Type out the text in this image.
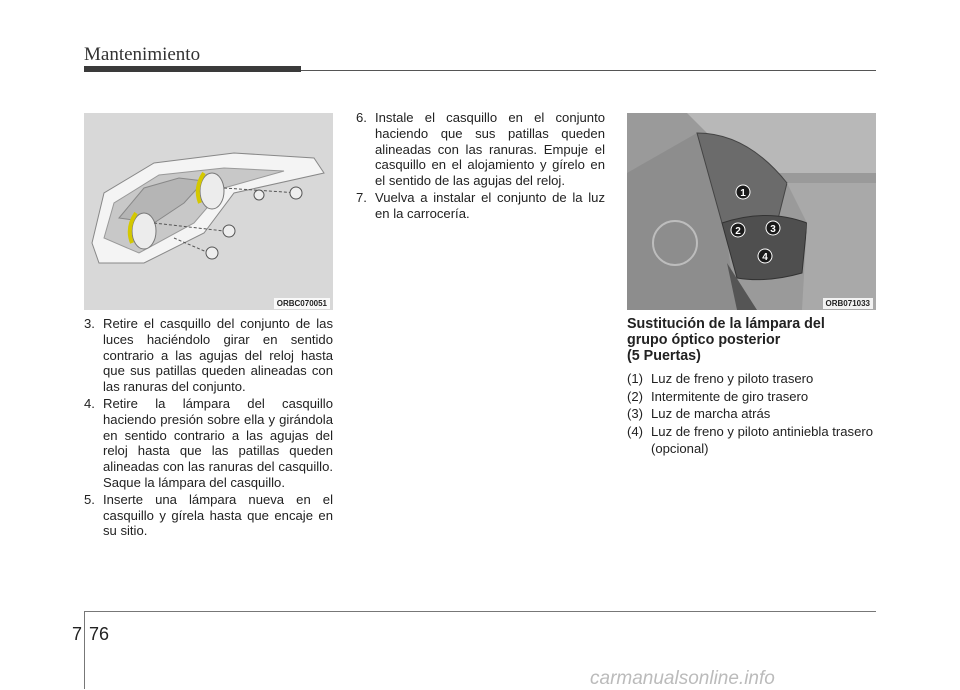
Mantenimiento
ORBC070051
1
2	3
4
ORB071033
3. Retire el casquillo del conjunto de las luces haciéndolo girar en sentido contrario a las agujas del reloj hasta que sus patillas queden alineadas con las ranuras del conjunto.
4. Retire la lámpara del casquillo haciendo presión sobre ella y girándola en sentido contrario a las agujas del reloj hasta que las patillas queden alineadas con las ranuras del casquillo. Saque la lámpara del casquillo.
5. Inserte una lámpara nueva en el casquillo y gírela hasta que encaje en su sitio.
6. Instale el casquillo en el conjunto haciendo que sus patillas queden alineadas con las ranuras. Empuje el casquillo en el alojamiento y gírelo en el sentido de las agujas del reloj.
7. Vuelva a instalar el conjunto de la luz en la carrocería.
Sustitución de la lámpara del
grupo óptico posterior
(5 Puertas)
(1) Luz de freno y piloto trasero
(2) Intermitente de giro trasero
(3) Luz de marcha atrás
(4) Luz de freno y piloto antiniebla trasero (opcional)
7 76
carmanualsonline.info
